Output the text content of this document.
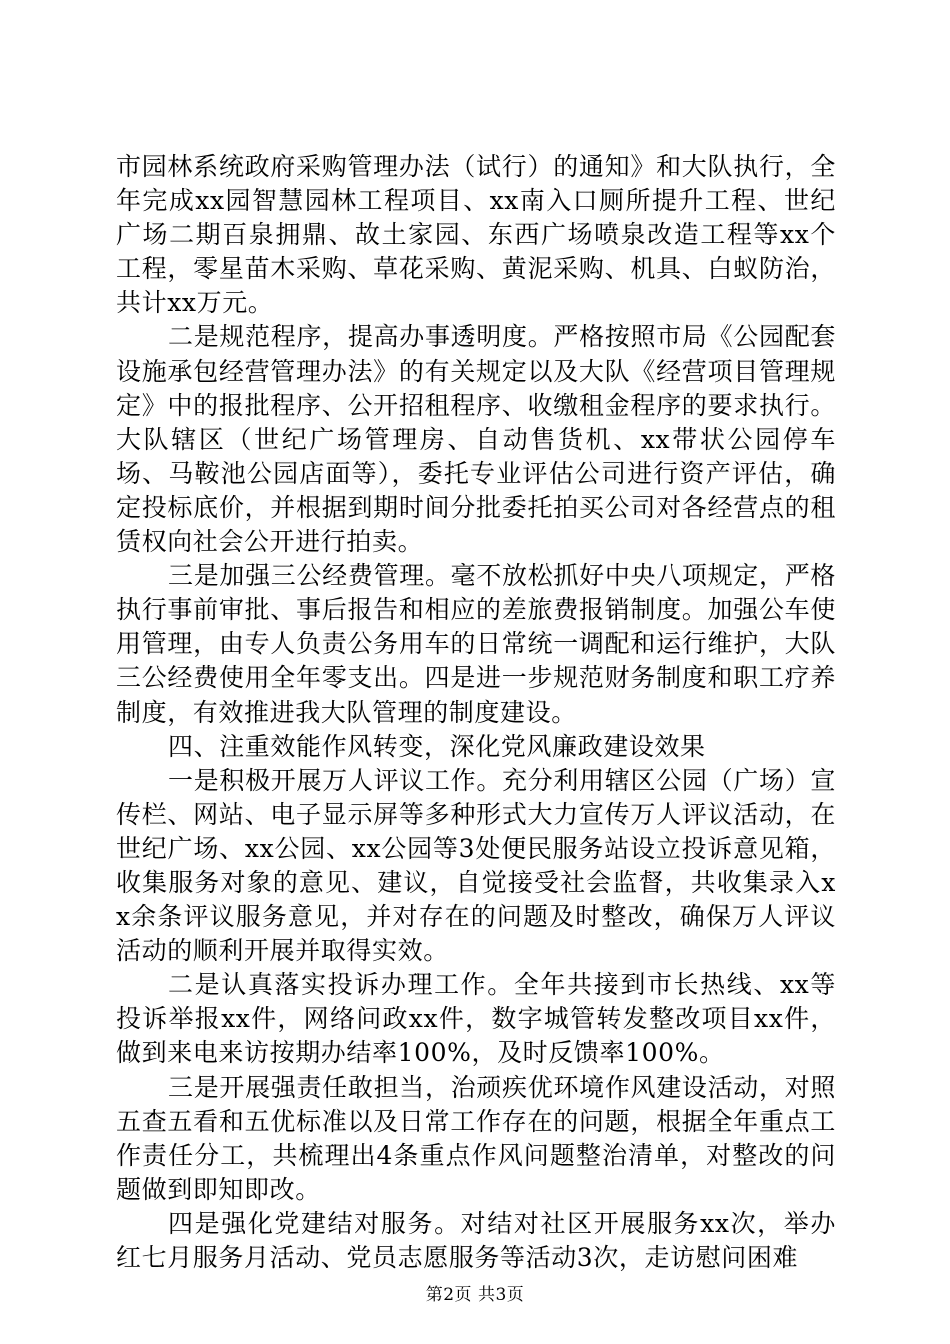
市园林系统政府采购管理办法（试行）的通知》和大队执行，全年完成xx园智慧园林工程项目、xx南入口厕所提升工程、世纪广场二期百泉拥鼎、故土家园、东西广场喷泉改造工程等xx个工程，零星苗木采购、草花采购、黄泥采购、机具、白蚁防治，共计xx万元。

二是规范程序，提高办事透明度。严格按照市局《公园配套设施承包经营管理办法》的有关规定以及大队《经营项目管理规定》中的报批程序、公开招租程序、收缴租金程序的要求执行。大队辖区（世纪广场管理房、自动售货机、xx带状公园停车场、马鞍池公园店面等），委托专业评估公司进行资产评估，确定投标底价，并根据到期时间分批委托拍买公司对各经营点的租赁权向社会公开进行拍卖。

三是加强三公经费管理。毫不放松抓好中央八项规定，严格执行事前审批、事后报告和相应的差旅费报销制度。加强公车使用管理，由专人负责公务用车的日常统一调配和运行维护，大队三公经费使用全年零支出。四是进一步规范财务制度和职工疗养制度，有效推进我大队管理的制度建设。

四、注重效能作风转变，深化党风廉政建设效果

一是积极开展万人评议工作。充分利用辖区公园（广场）宣传栏、网站、电子显示屏等多种形式大力宣传万人评议活动，在世纪广场、xx公园、xx公园等3处便民服务站设立投诉意见箱，收集服务对象的意见、建议，自觉接受社会监督，共收集录入xx余条评议服务意见，并对存在的问题及时整改，确保万人评议活动的顺利开展并取得实效。

二是认真落实投诉办理工作。全年共接到市长热线、xx等投诉举报xx件，网络问政xx件，数字城管转发整改项目xx件，做到来电来访按期办结率100%，及时反馈率100%。

三是开展强责任敢担当，治顽疾优环境作风建设活动，对照五查五看和五优标准以及日常工作存在的问题，根据全年重点工作责任分工，共梳理出4条重点作风问题整治清单，对整改的问题做到即知即改。

四是强化党建结对服务。对结对社区开展服务xx次，举办红七月服务月活动、党员志愿服务等活动3次，走访慰问困难

第2页 共3页
